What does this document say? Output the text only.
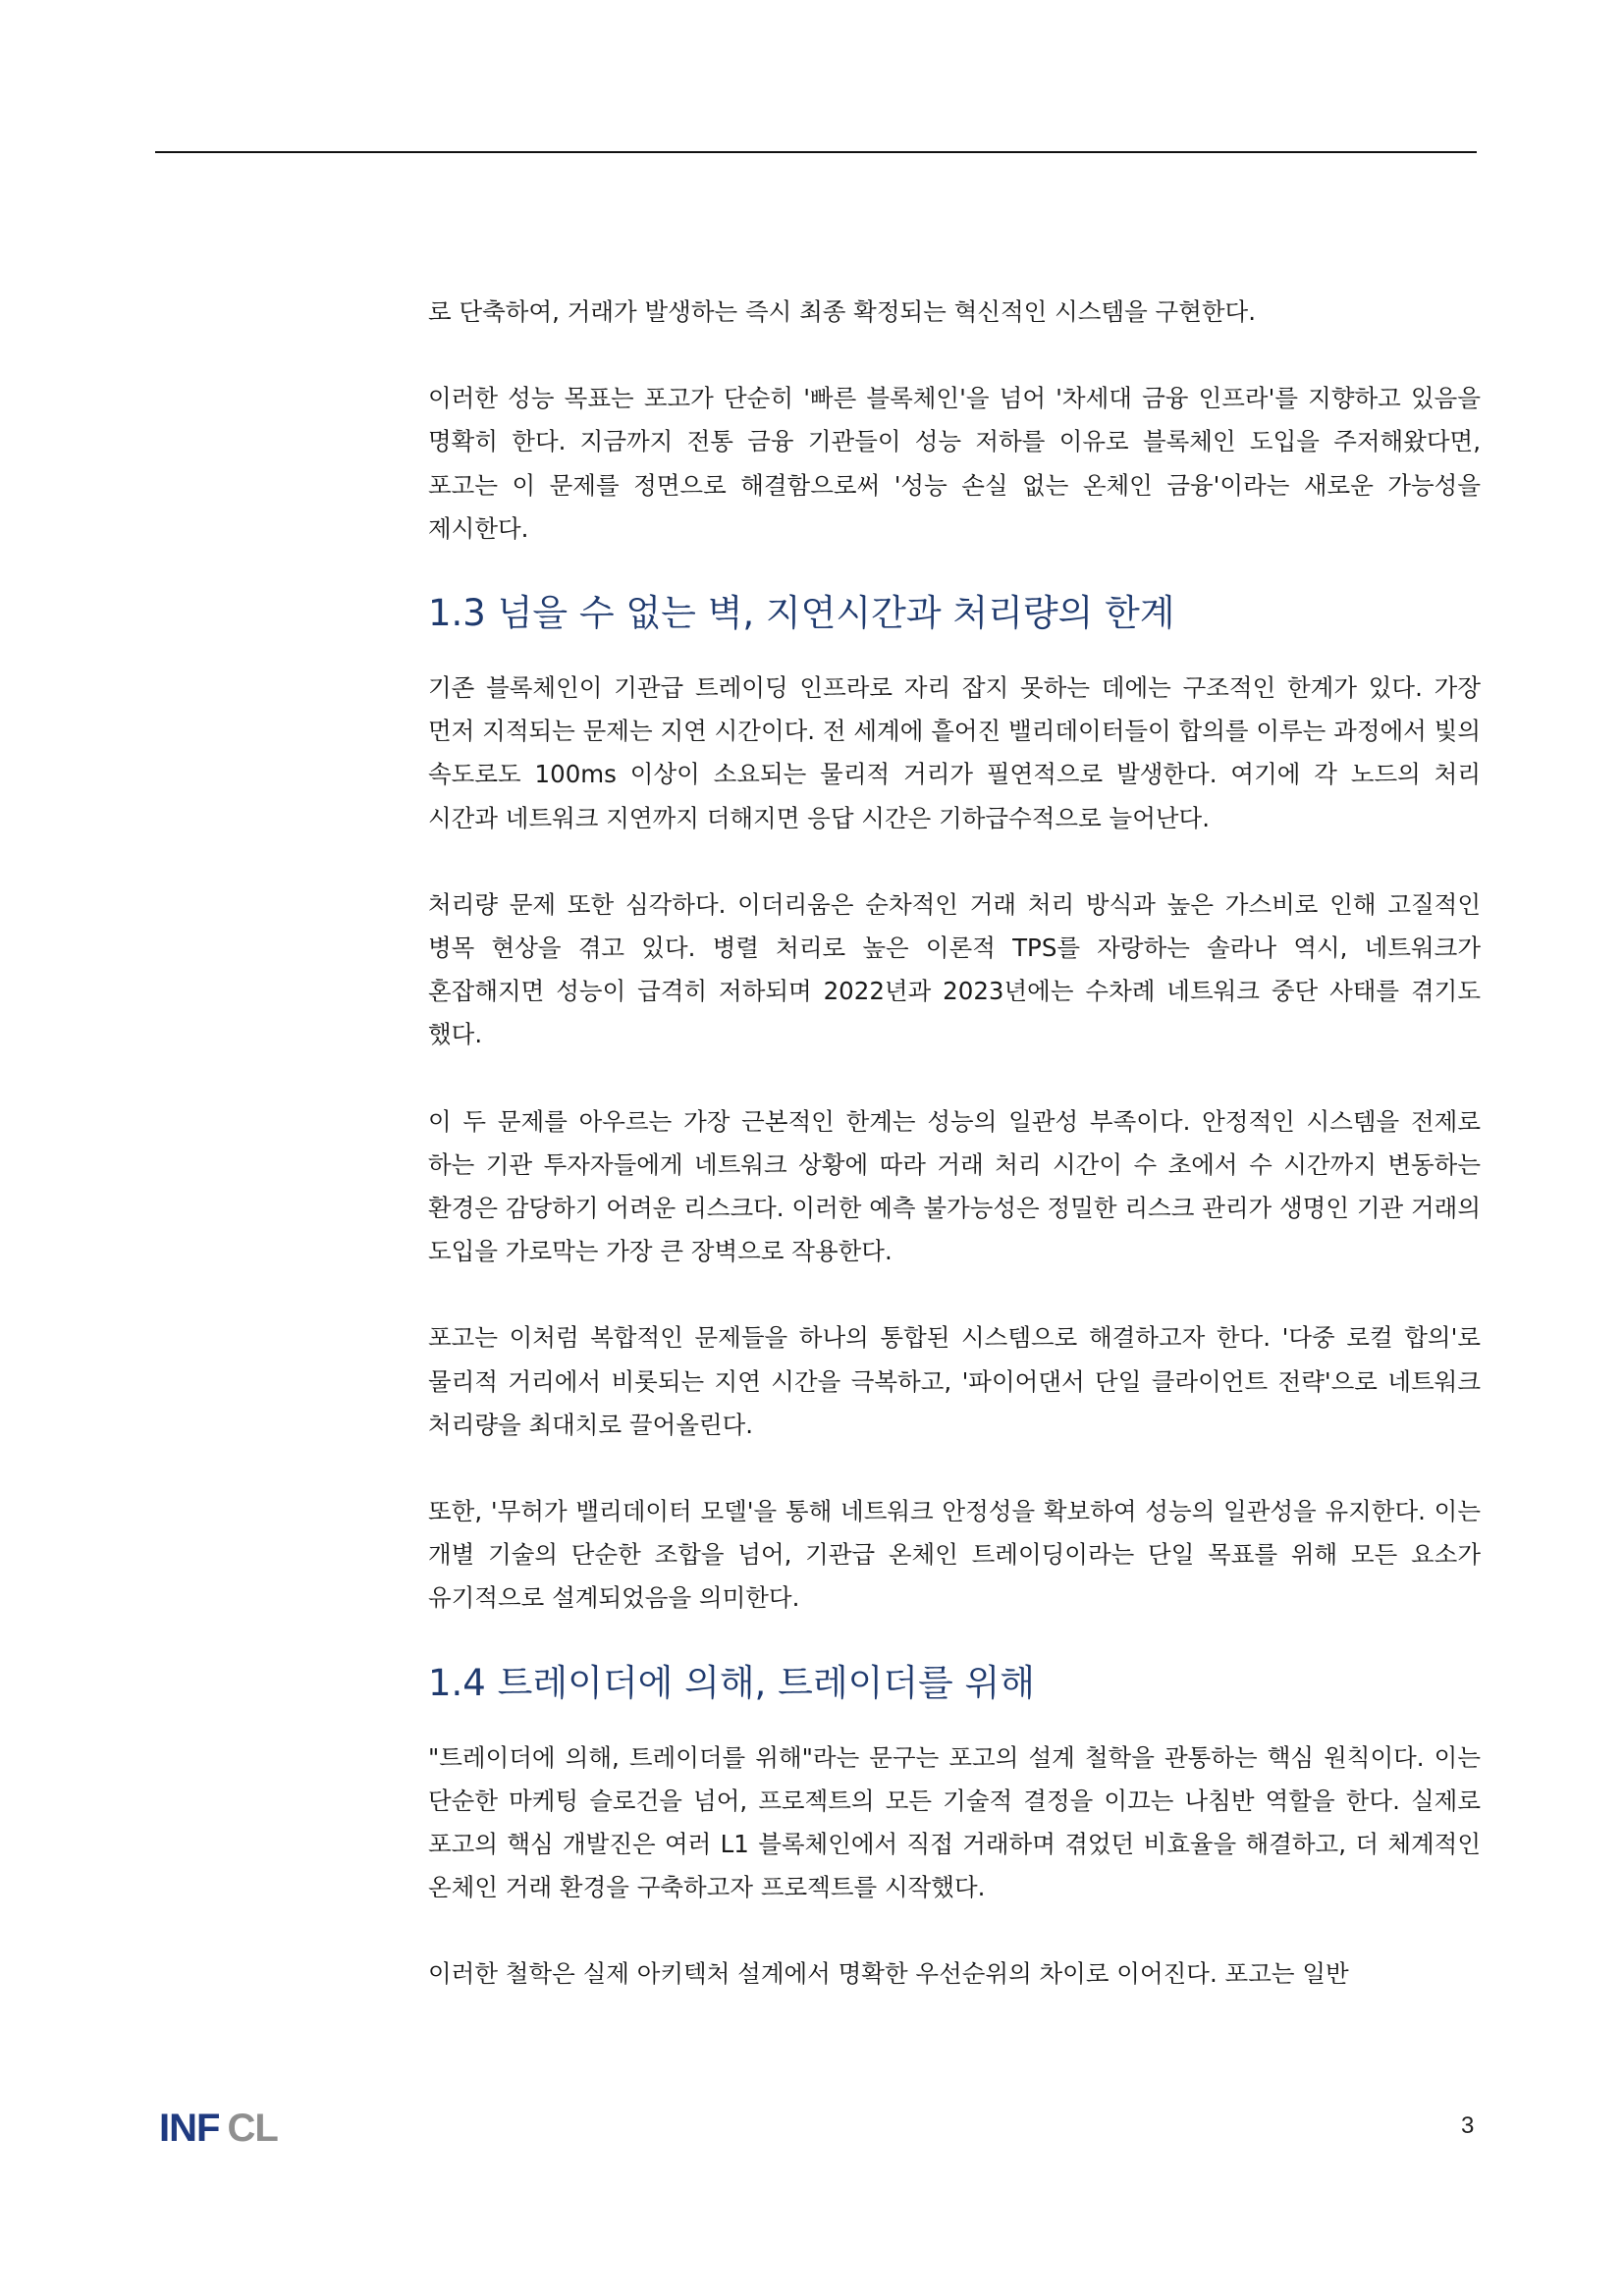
로 단축하여, 거래가 발생하는 즉시 최종 확정되는 혁신적인 시스템을 구현한다.

이러한 성능 목표는 포고가 단순히 '빠른 블록체인'을 넘어 '차세대 금융 인프라'를 지향하고 있음을 명확히 한다. 지금까지 전통 금융 기관들이 성능 저하를 이유로 블록체인 도입을 주저해왔다면, 포고는 이 문제를 정면으로 해결함으로써 '성능 손실 없는 온체인 금융'이라는 새로운 가능성을 제시한다.

1.3 넘을 수 없는 벽, 지연시간과 처리량의 한계

기존 블록체인이 기관급 트레이딩 인프라로 자리 잡지 못하는 데에는 구조적인 한계가 있다. 가장 먼저 지적되는 문제는 지연 시간이다. 전 세계에 흩어진 밸리데이터들이 합의를 이루는 과정에서 빛의 속도로도 100ms 이상이 소요되는 물리적 거리가 필연적으로 발생한다. 여기에 각 노드의 처리 시간과 네트워크 지연까지 더해지면 응답 시간은 기하급수적으로 늘어난다.

처리량 문제 또한 심각하다. 이더리움은 순차적인 거래 처리 방식과 높은 가스비로 인해 고질적인 병목 현상을 겪고 있다. 병렬 처리로 높은 이론적 TPS를 자랑하는 솔라나 역시, 네트워크가 혼잡해지면 성능이 급격히 저하되며 2022년과 2023년에는 수차례 네트워크 중단 사태를 겪기도 했다.

이 두 문제를 아우르는 가장 근본적인 한계는 성능의 일관성 부족이다. 안정적인 시스템을 전제로 하는 기관 투자자들에게 네트워크 상황에 따라 거래 처리 시간이 수 초에서 수 시간까지 변동하는 환경은 감당하기 어려운 리스크다. 이러한 예측 불가능성은 정밀한 리스크 관리가 생명인 기관 거래의 도입을 가로막는 가장 큰 장벽으로 작용한다.

포고는 이처럼 복합적인 문제들을 하나의 통합된 시스템으로 해결하고자 한다. '다중 로컬 합의'로 물리적 거리에서 비롯되는 지연 시간을 극복하고, '파이어댄서 단일 클라이언트 전략'으로 네트워크 처리량을 최대치로 끌어올린다.

또한, '무허가 밸리데이터 모델'을 통해 네트워크 안정성을 확보하여 성능의 일관성을 유지한다. 이는 개별 기술의 단순한 조합을 넘어, 기관급 온체인 트레이딩이라는 단일 목표를 위해 모든 요소가 유기적으로 설계되었음을 의미한다.

1.4 트레이더에 의해, 트레이더를 위해

"트레이더에 의해, 트레이더를 위해"라는 문구는 포고의 설계 철학을 관통하는 핵심 원칙이다. 이는 단순한 마케팅 슬로건을 넘어, 프로젝트의 모든 기술적 결정을 이끄는 나침반 역할을 한다. 실제로 포고의 핵심 개발진은 여러 L1 블록체인에서 직접 거래하며 겪었던 비효율을 해결하고, 더 체계적인 온체인 거래 환경을 구축하고자 프로젝트를 시작했다.

이러한 철학은 실제 아키텍처 설계에서 명확한 우선순위의 차이로 이어진다. 포고는 일반

INF CL	3
